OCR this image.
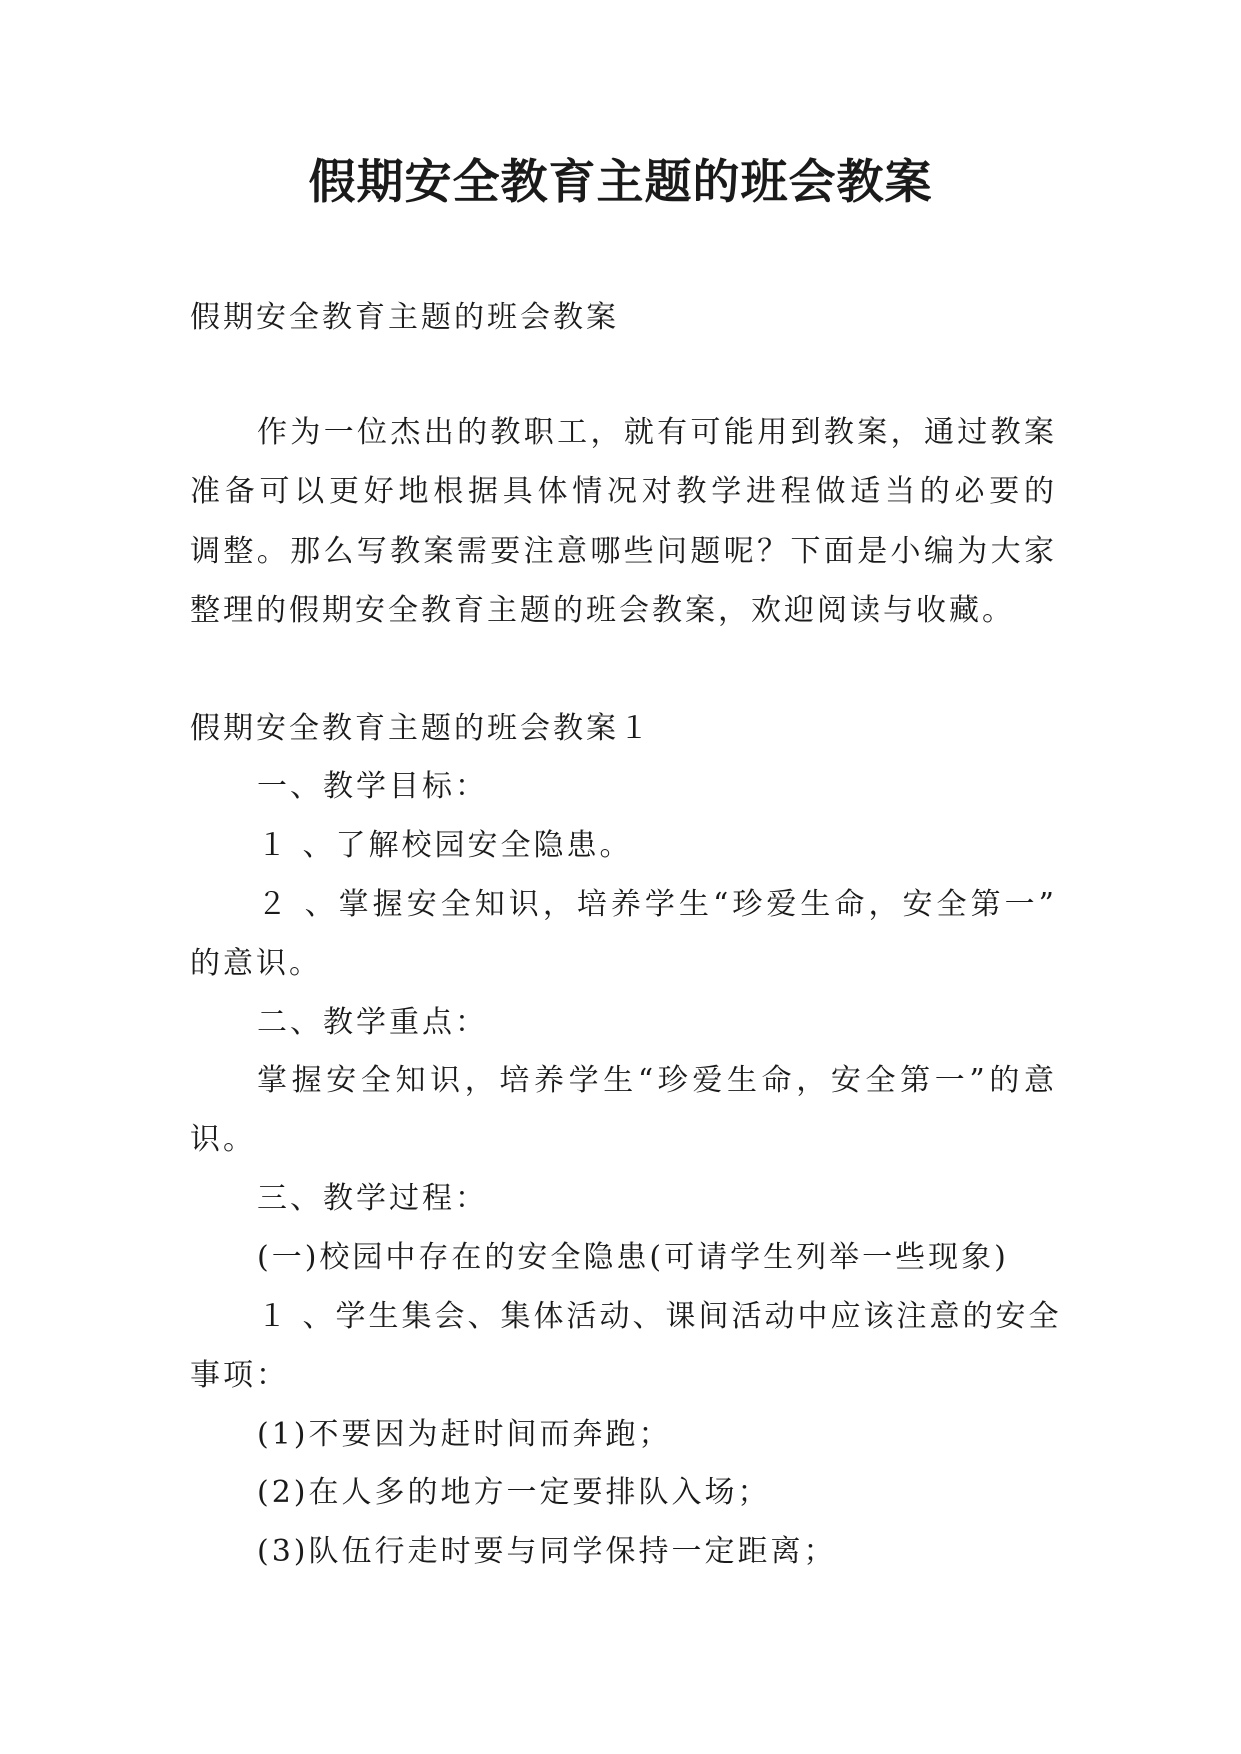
假期安全教育主题的班会教案

假期安全教育主题的班会教案

作为一位杰出的教职工，就有可能用到教案，通过教案

准备可以更好地根据具体情况对教学进程做适当的必要的

调整。那么写教案需要注意哪些问题呢？下面是小编为大家

整理的假期安全教育主题的班会教案，欢迎阅读与收藏。

假期安全教育主题的班会教案１

一、教学目标：

１ 、了解校园安全隐患。

２ 、掌握安全知识，培养学生“珍爱生命，安全第一”

的意识。

二、教学重点：

掌握安全知识，培养学生“珍爱生命，安全第一”的意

识。

三、教学过程：

(一)校园中存在的安全隐患(可请学生列举一些现象)

１ 、学生集会、集体活动、课间活动中应该注意的安全

事项：

(1)不要因为赶时间而奔跑；

(2)在人多的地方一定要排队入场；

(3)队伍行走时要与同学保持一定距离；
